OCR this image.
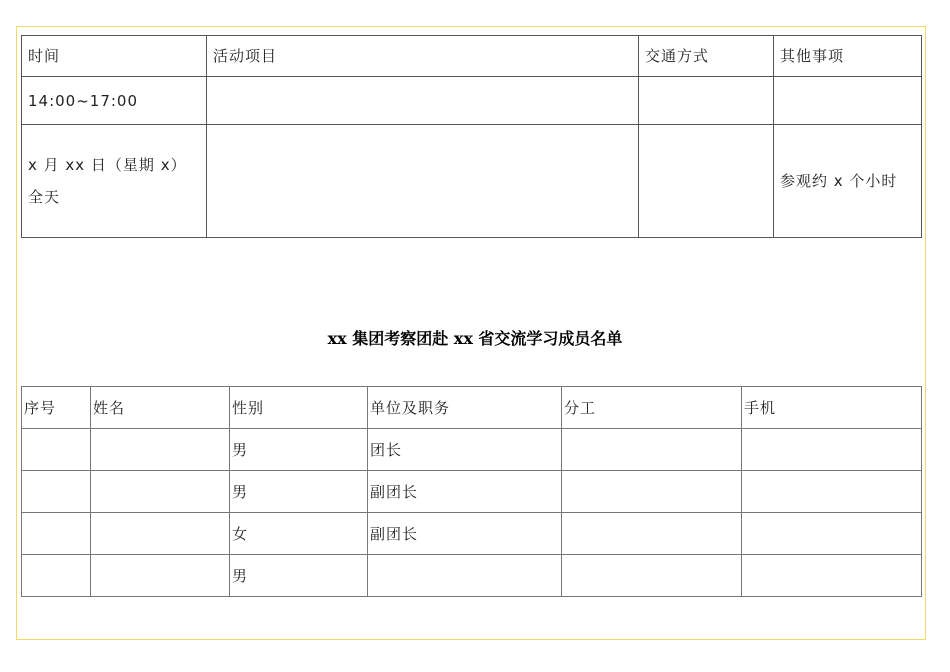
时间	活动项目	交通方式	其他事项
14:00~17:00			
x 月 xx 日（星期 x）全天			参观约 x 个小时
xx 集团考察团赴 xx 省交流学习成员名单
序号	姓名	性别	单位及职务	分工	手机
		男	团长		
		男	副团长		
		女	副团长		
		男			
